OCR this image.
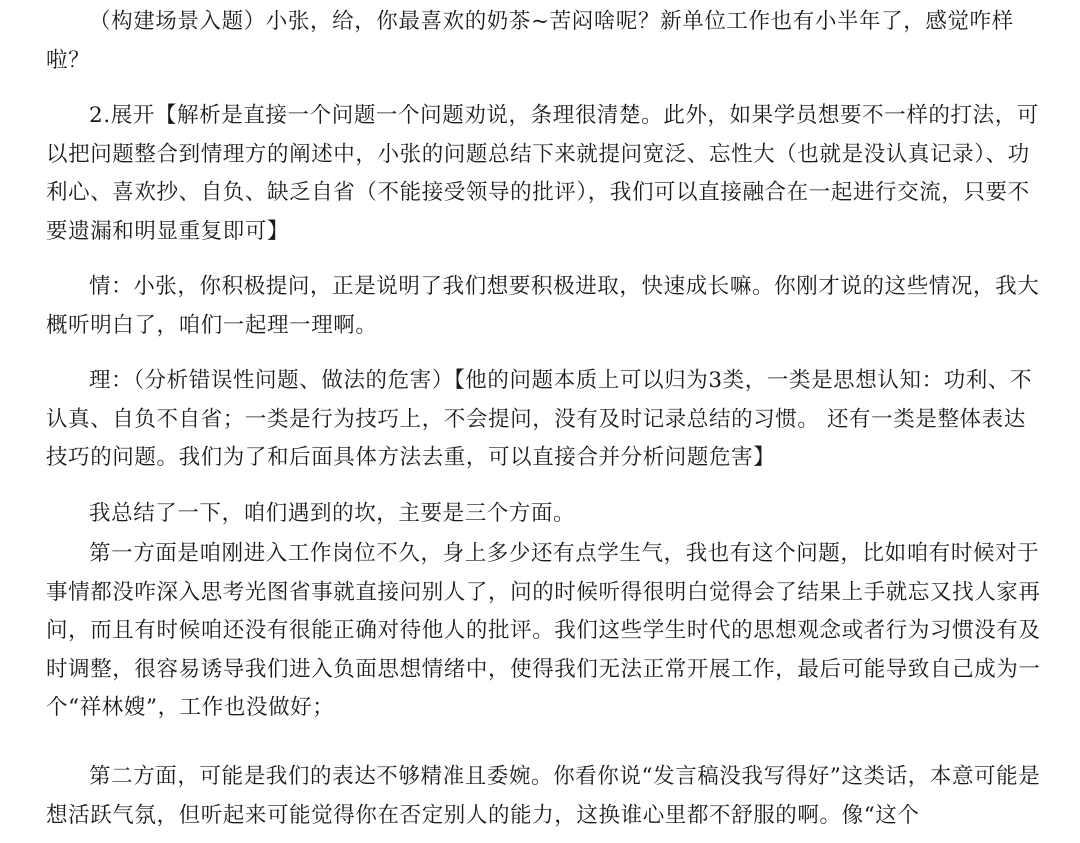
（构建场景入题）小张，给，你最喜欢的奶茶~苦闷啥呢？新单位工作也有小半年了，感觉咋样啦？

2.展开【解析是直接一个问题一个问题劝说，条理很清楚。此外，如果学员想要不一样的打法，可以把问题整合到情理方的阐述中，小张的问题总结下来就提问宽泛、忘性大（也就是没认真记录）、功利心、喜欢抄、自负、缺乏自省（不能接受领导的批评），我们可以直接融合在一起进行交流，只要不要遗漏和明显重复即可】

情：小张，你积极提问，正是说明了我们想要积极进取，快速成长嘛。你刚才说的这些情况，我大概听明白了，咱们一起理一理啊。

理：（分析错误性问题、做法的危害）【他的问题本质上可以归为3类，一类是思想认知：功利、不认真、自负不自省；一类是行为技巧上，不会提问，没有及时记录总结的习惯。 还有一类是整体表达技巧的问题。我们为了和后面具体方法去重，可以直接合并分析问题危害】

我总结了一下，咱们遇到的坎，主要是三个方面。

第一方面是咱刚进入工作岗位不久，身上多少还有点学生气，我也有这个问题，比如咱有时候对于事情都没咋深入思考光图省事就直接问别人了，问的时候听得很明白觉得会了结果上手就忘又找人家再问，而且有时候咱还没有很能正确对待他人的批评。我们这些学生时代的思想观念或者行为习惯没有及时调整，很容易诱导我们进入负面思想情绪中，使得我们无法正常开展工作，最后可能导致自己成为一个“祥林嫂”，工作也没做好；

第二方面，可能是我们的表达不够精准且委婉。你看你说“发言稿没我写得好”这类话，本意可能是想活跃气氛，但听起来可能觉得你在否定别人的能力，这换谁心里都不舒服的啊。像“这个
